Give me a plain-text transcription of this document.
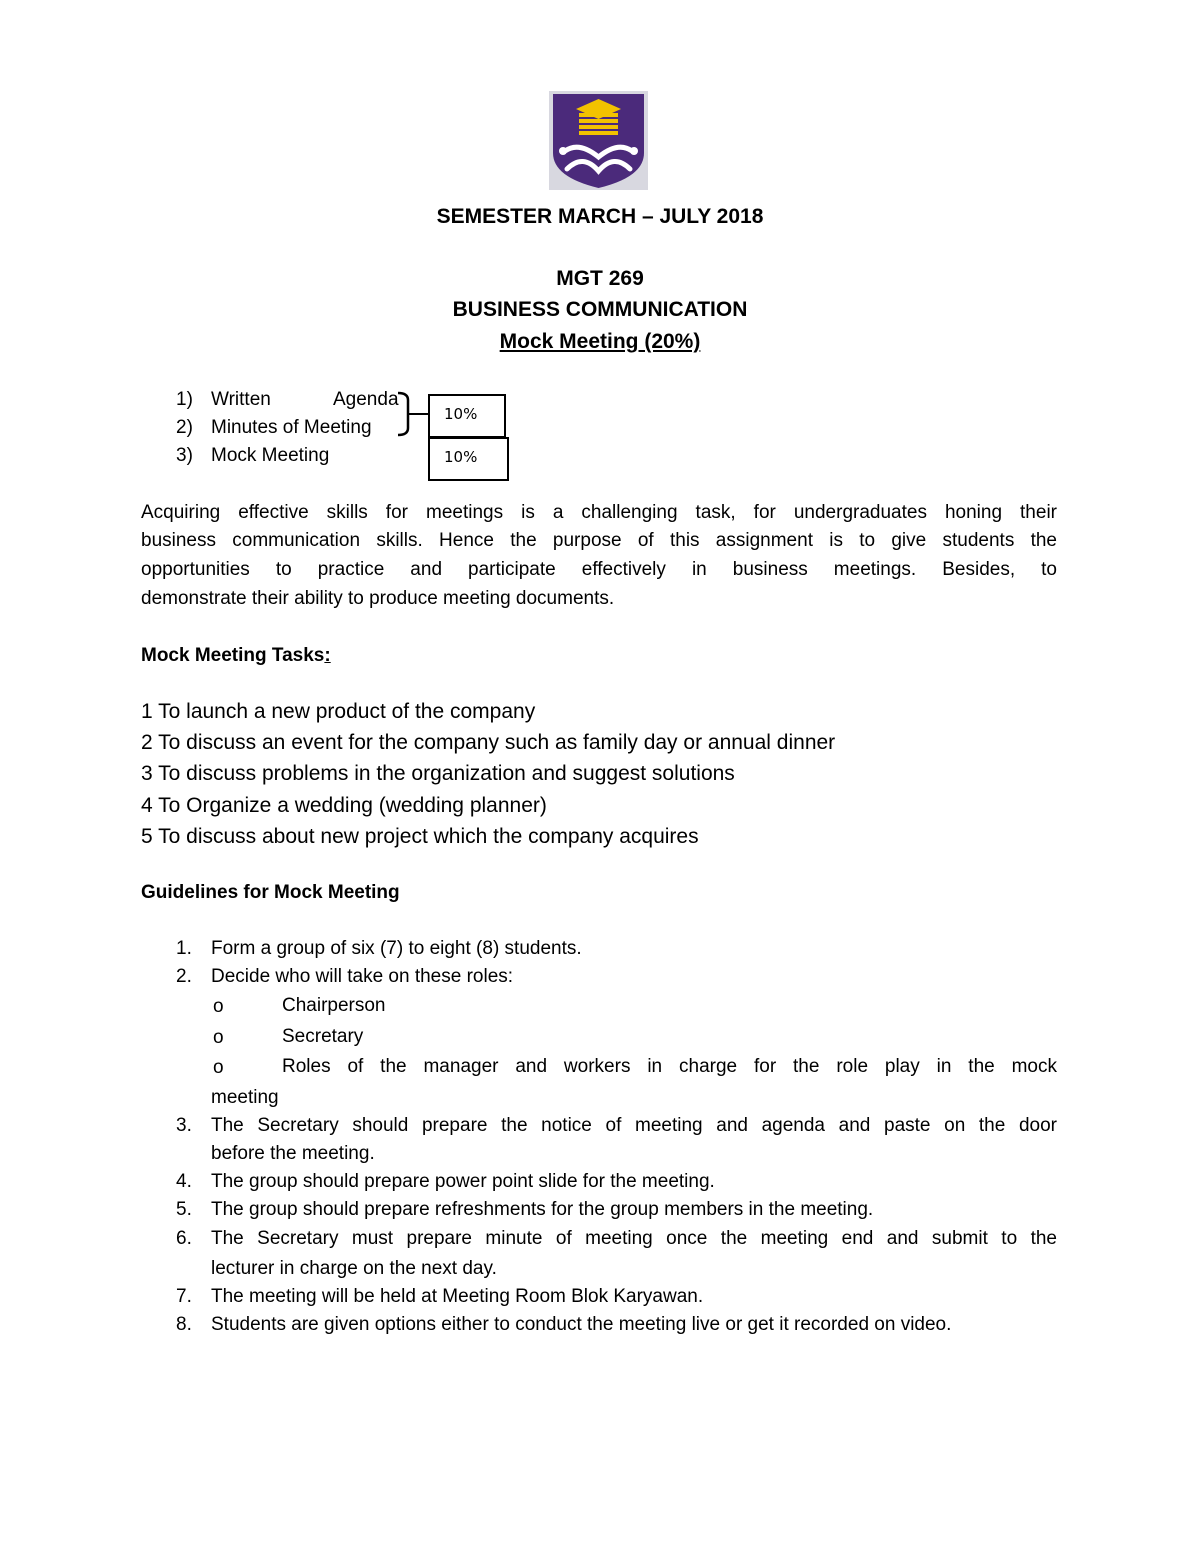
SEMESTER MARCH – JULY 2018
MGT 269
BUSINESS COMMUNICATION
Mock Meeting (20%)
1) Written	Agenda
2) Minutes of Meeting
3) Mock Meeting
10%
10%
Acquiring effective skills for meetings is a challenging task, for undergraduates honing their
business communication skills. Hence the purpose of this assignment is to give students the
opportunities to practice and participate effectively in business meetings. Besides, to
demonstrate their ability to produce meeting documents.
Mock Meeting Tasks:
1 To launch a new product of the company
2 To discuss an event for the company such as family day or annual dinner
3 To discuss problems in the organization and suggest solutions
4 To Organize a wedding (wedding planner)
5 To discuss about new project which the company acquires
Guidelines for Mock Meeting
1. Form a group of six (7) to eight (8) students.
2. Decide who will take on these roles:
o	Chairperson
o	Secretary
o	Roles of the manager and workers in charge for the role play in the mock
meeting
3. The Secretary should prepare the notice of meeting and agenda and paste on the door
before the meeting.
4. The group should prepare power point slide for the meeting.
5. The group should prepare refreshments for the group members in the meeting.
6. The Secretary must prepare minute of meeting once the meeting end and submit to the
lecturer in charge on the next day.
7. The meeting will be held at Meeting Room Blok Karyawan.
8. Students are given options either to conduct the meeting live or get it recorded on video.
